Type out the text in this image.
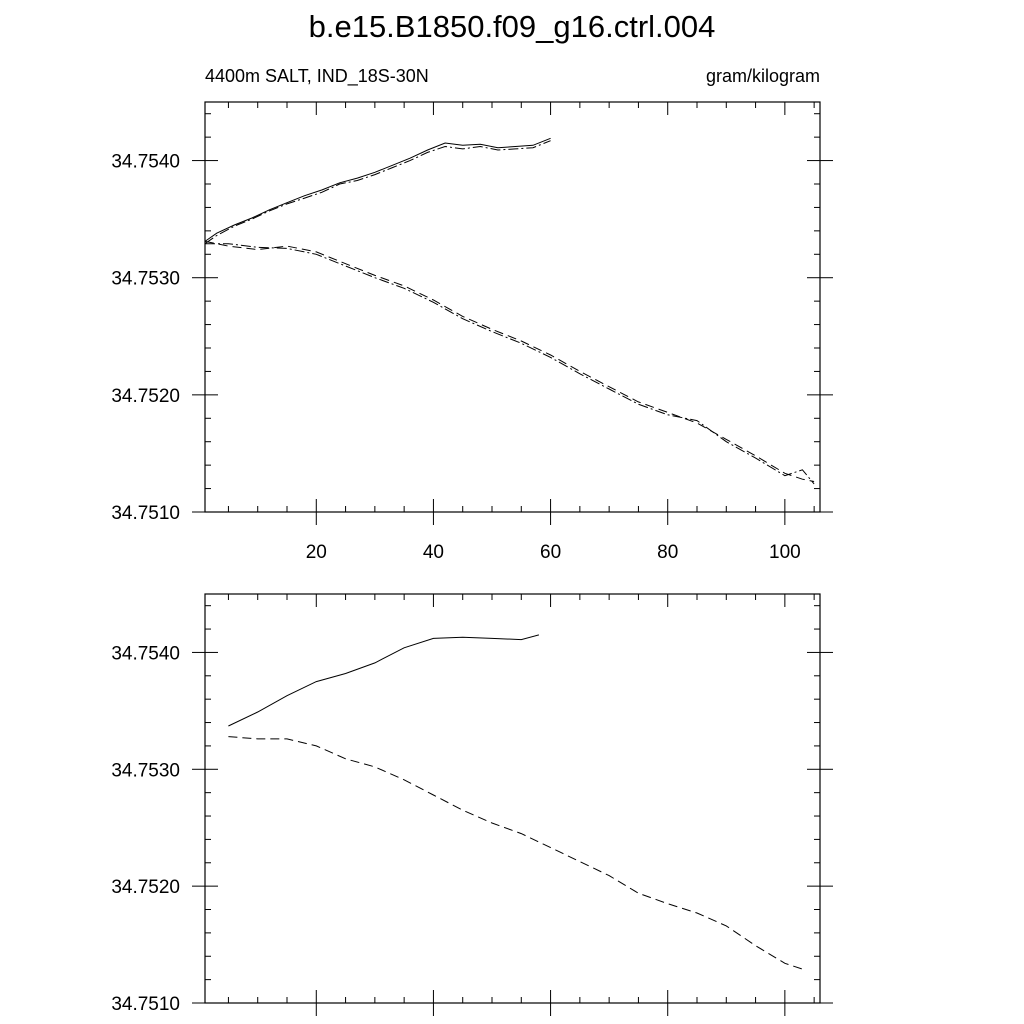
b.e15.B1850.f09_g16.ctrl.004
4400m SALT, IND_18S-30N	gram/kilogram
34.7510
34.7520
34.7530
34.7540
20	40	60	80	100
34.7510
34.7520
34.7530
34.7540
